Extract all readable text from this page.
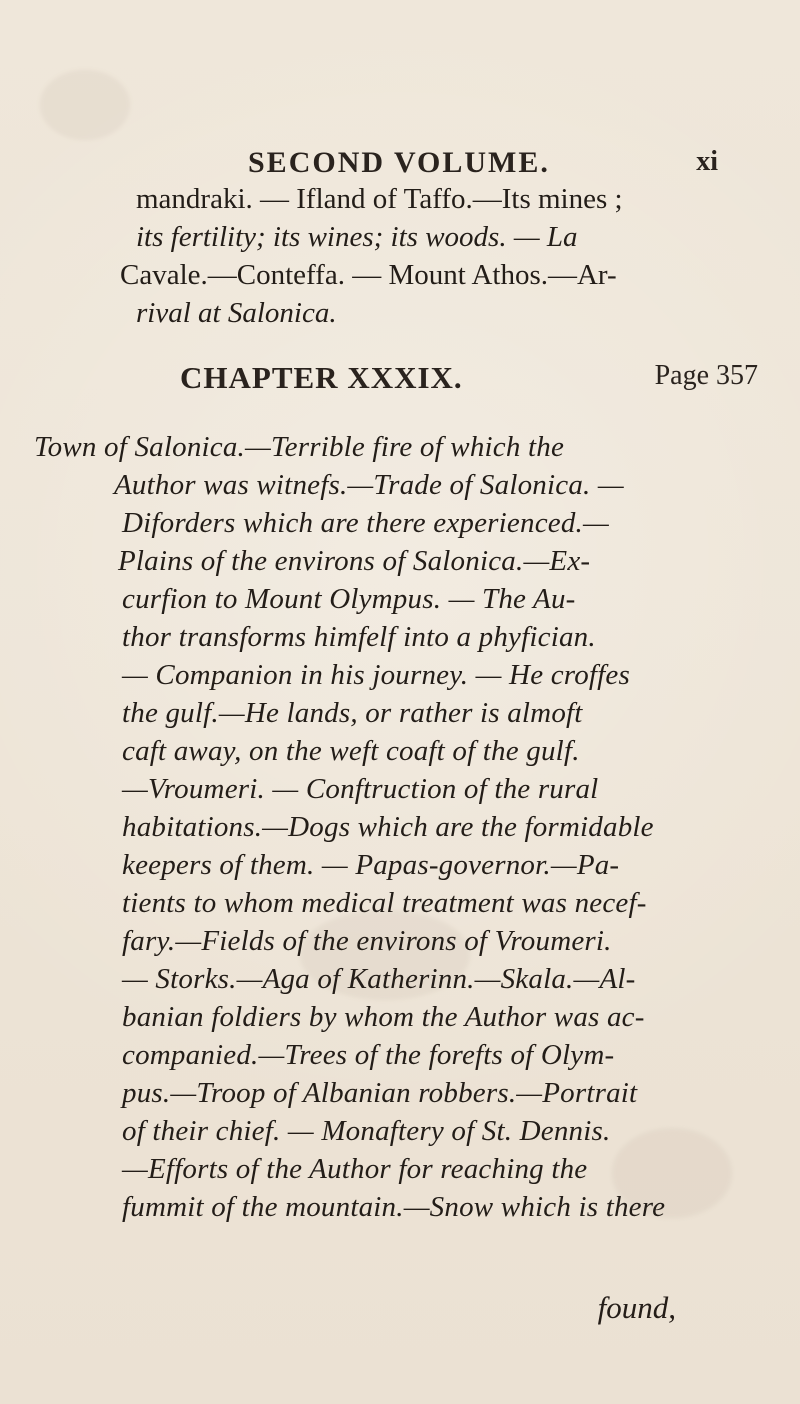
SECOND VOLUME.	xi
mandraki. — Ifland of Taffo.—Its mines ;
its fertility; its wines; its woods. — La
Cavale.—Conteffa. — Mount Athos.—Ar-
rival at Salonica.
CHAPTER XXXIX.	Page 357
Town of Salonica.—Terrible fire of which the
Author was witnefs.—Trade of Salonica. —
Diforders which are there experienced.—
Plains of the environs of Salonica.—Ex-
curfion to Mount Olympus. — The Au-
thor transforms himfelf into a phyfician.
— Companion in his journey. — He croffes
the gulf.—He lands, or rather is almoft
caft away, on the weft coaft of the gulf.
—Vroumeri. — Conftruction of the rural
habitations.—Dogs which are the formidable
keepers of them. — Papas-governor.—Pa-
tients to whom medical treatment was necef-
fary.—Fields of the environs of Vroumeri.
— Storks.—Aga of Katherinn.—Skala.—Al-
banian foldiers by whom the Author was ac-
companied.—Trees of the forefts of Olym-
pus.—Troop of Albanian robbers.—Portrait
of their chief. — Monaftery of St. Dennis.
—Efforts of the Author for reaching the
fummit of the mountain.—Snow which is there
found,
